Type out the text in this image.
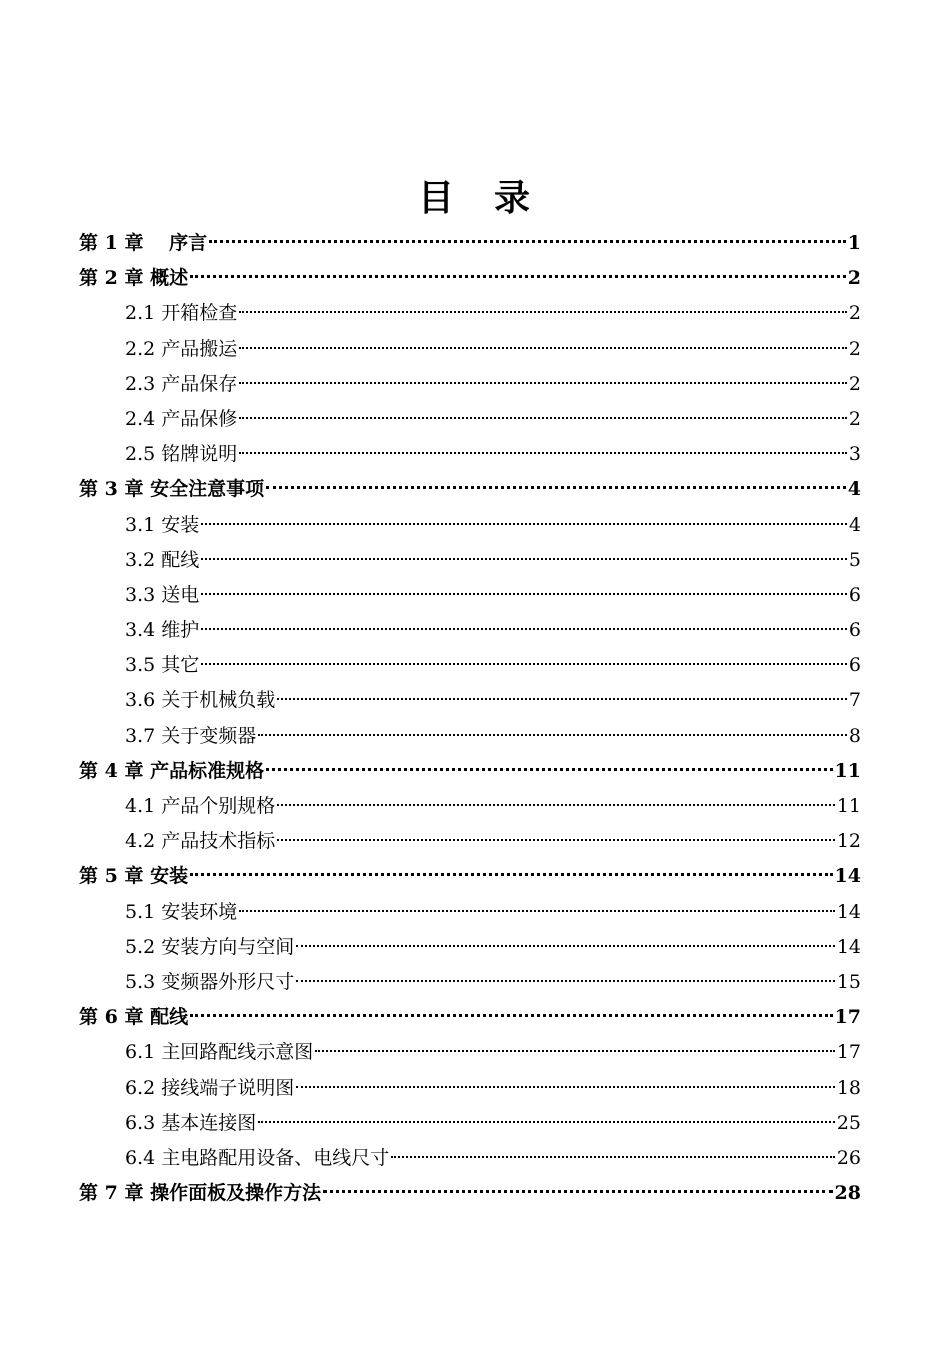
目　录
第 1 章　 序言	1
第 2 章 概述	2
2.1 开箱检查	2
2.2 产品搬运	2
2.3 产品保存	2
2.4 产品保修	2
2.5 铭牌说明	3
第 3 章 安全注意事项	4
3.1 安装	4
3.2 配线	5
3.3 送电	6
3.4 维护	6
3.5 其它	6
3.6 关于机械负载	7
3.7 关于变频器	8
第 4 章 产品标准规格	11
4.1 产品个别规格	11
4.2 产品技术指标	12
第 5 章 安装	14
5.1 安装环境	14
5.2 安装方向与空间	14
5.3 变频器外形尺寸	15
第 6 章 配线	17
6.1 主回路配线示意图	17
6.2 接线端子说明图	18
6.3 基本连接图	25
6.4 主电路配用设备、电线尺寸	26
第 7 章 操作面板及操作方法	28
